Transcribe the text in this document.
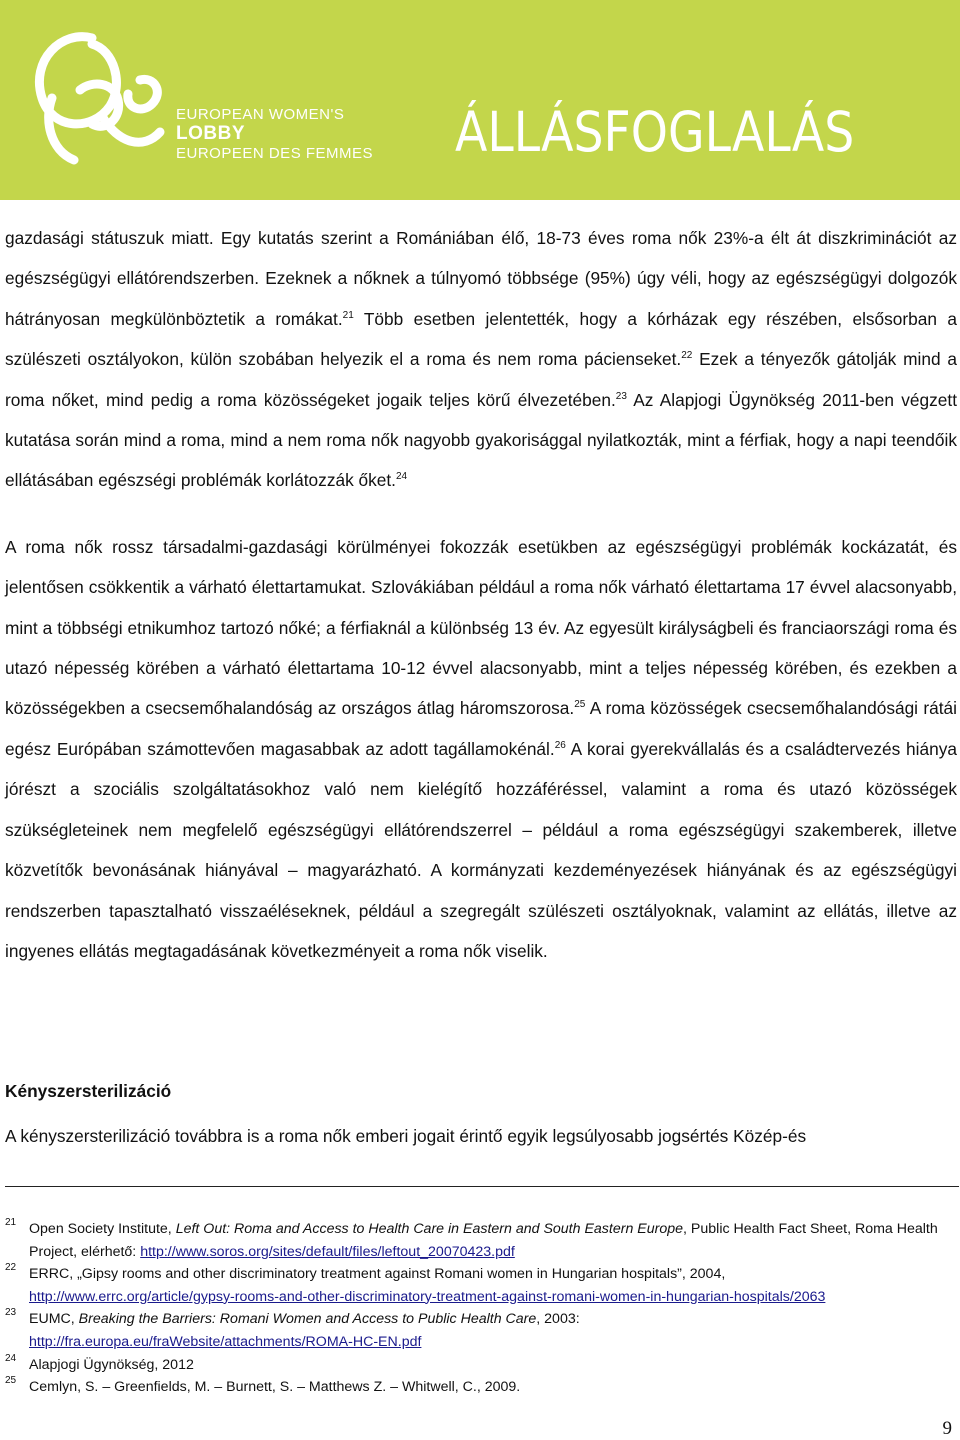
EUROPEAN WOMEN'S
LOBBY
EUROPEEN DES FEMMES ÁLLÁSFOGLALÁS

gazdasági státuszuk miatt. Egy kutatás szerint a Romániában élő, 18-73 éves roma nők 23%-a élt át diszkriminációt az egészségügyi ellátórendszerben. Ezeknek a nőknek a túlnyomó többsége (95%) úgy véli, hogy az egészségügyi dolgozók hátrányosan megkülönböztetik a romákat.$^{21}$ Több esetben jelentették, hogy a kórházak egy részében, elsősorban a szülészeti osztályokon, külön szobában helyezik el a roma és nem roma pácienseket.$^{22}$ Ezek a tényezők gátolják mind a roma nőket, mind pedig a roma közösségeket jogaik teljes körű élvezetében.$^{23}$ Az Alapjogi Ügynökség 2011-ben végzett kutatása során mind a roma, mind a nem roma nők nagyobb gyakorisággal nyilatkozták, mint a férfiak, hogy a napi teendőik ellátásában egészségi problémák korlátozzák őket.$^{24}$

A roma nők rossz társadalmi-gazdasági körülményei fokozzák esetükben az egészségügyi problémák kockázatát, és jelentősen csökkentik a várható élettartamukat. Szlovákiában például a roma nők várható élettartama 17 évvel alacsonyabb, mint a többségi etnikumhoz tartozó nőké; a férfiaknál a különbség 13 év. Az egyesült királyságbeli és franciaországi roma és utazó népesség körében a várható élettartama 10-12 évvel alacsonyabb, mint a teljes népesség körében, és ezekben a közösségekben a csecsemőhalandóság az országos átlag háromszorosa.$^{25}$ A roma közösségek csecsemőhalandósági rátái egész Európában számottevően magasabbak az adott tagállamokénál.$^{26}$ A korai gyerekvállalás és a családtervezés hiánya jórészt a szociális szolgáltatásokhoz való nem kielégítő hozzáféréssel, valamint a roma és utazó közösségek szükségleteinek nem megfelelő egészségügyi ellátórendszerrel – például a roma egészségügyi szakemberek, illetve közvetítők bevonásának hiányával – magyarázható. A kormányzati kezdeményezések hiányának és az egészségügyi rendszerben tapasztalható visszaéléseknek, például a szegregált szülészeti osztályoknak, valamint az ellátás, illetve az ingyenes ellátás megtagadásának következményeit a roma nők viselik.

Kényszersterilizáció

A kényszersterilizáció továbbra is a roma nők emberi jogait érintő egyik legsúlyosabb jogsértés Közép-és

21 Open Society Institute, Left Out: Roma and Access to Health Care in Eastern and South Eastern Europe, Public Health Fact Sheet, Roma Health Project, elérhető: http://www.soros.org/sites/default/files/leftout_20070423.pdf
22 ERRC, „Gipsy rooms and other discriminatory treatment against Romani women in Hungarian hospitals”, 2004,
http://www.errc.org/article/gypsy-rooms-and-other-discriminatory-treatment-against-romani-women-in-hungarian-hospitals/2063
23 EUMC, Breaking the Barriers: Romani Women and Access to Public Health Care, 2003:
http://fra.europa.eu/fraWebsite/attachments/ROMA-HC-EN.pdf
24 Alapjogi Ügynökség, 2012
25 Cemlyn, S. – Greenfields, M. – Burnett, S. – Matthews Z. – Whitwell, C., 2009.
9
